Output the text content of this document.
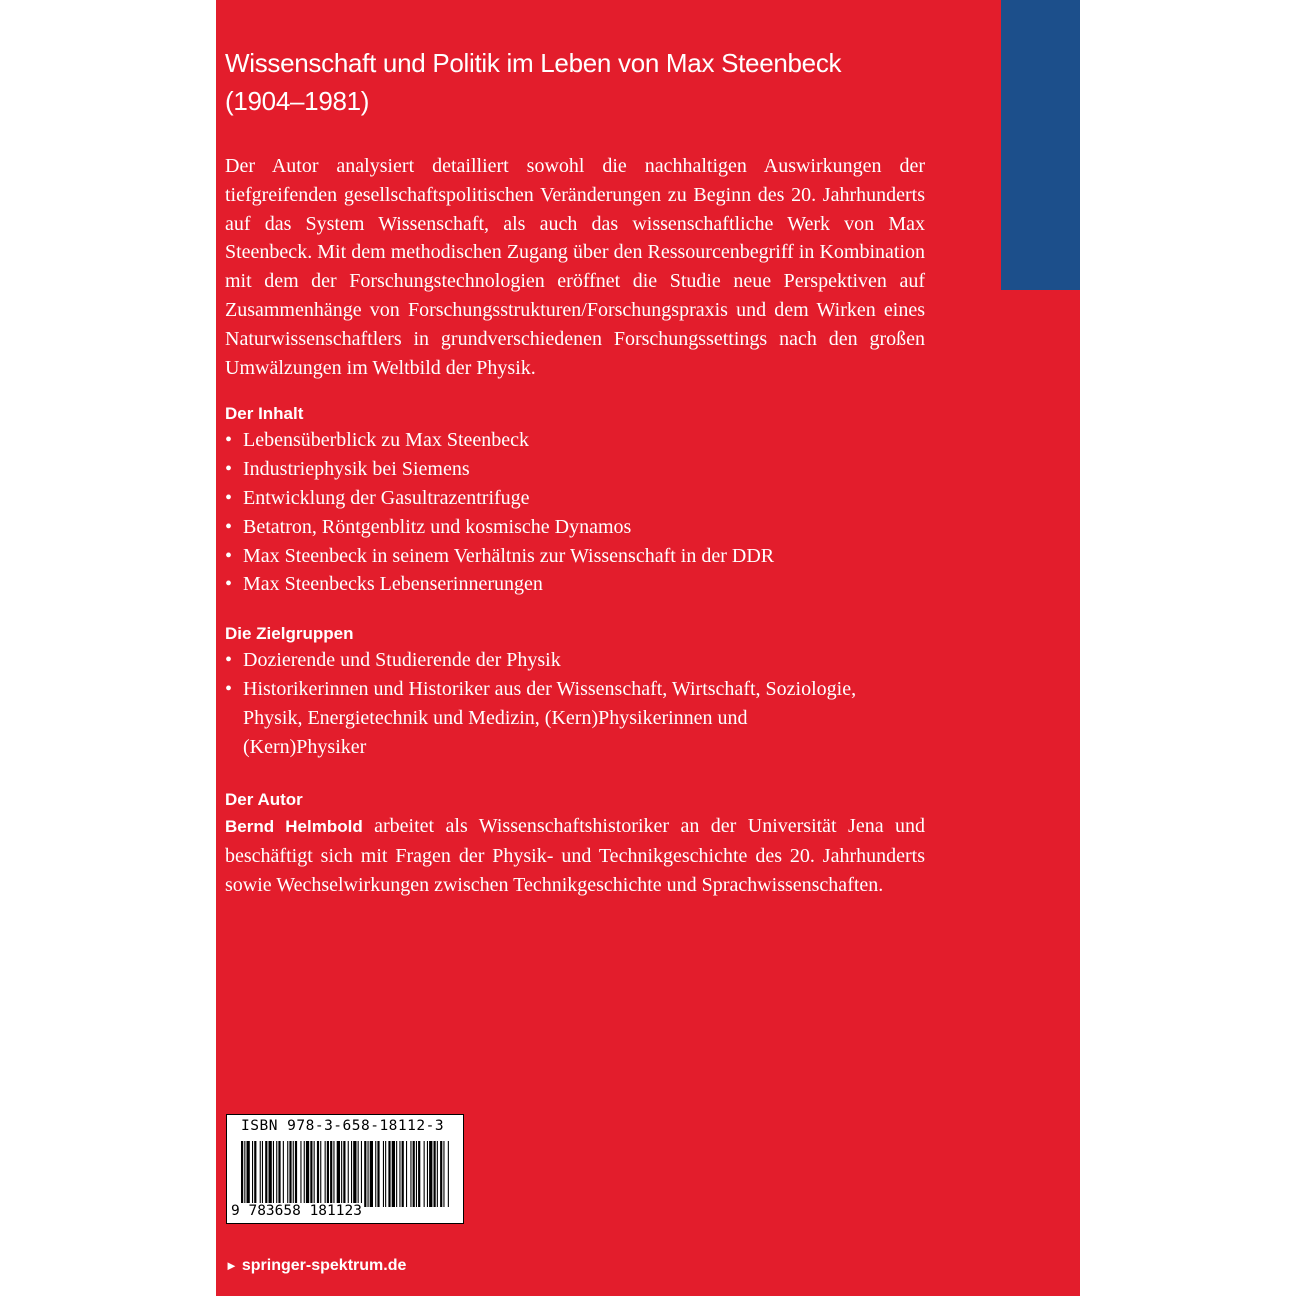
Wissenschaft und Politik im Leben von Max Steenbeck
(1904–1981)

Der Autor analysiert detailliert sowohl die nachhaltigen Auswirkungen der tiefgreifenden gesellschaftspolitischen Veränderungen zu Beginn des 20. Jahrhunderts auf das System Wissenschaft, als auch das wissenschaftliche Werk von Max Steenbeck. Mit dem methodischen Zugang über den Ressourcenbegriff in Kombination mit dem der Forschungstechnologien eröffnet die Studie neue Perspektiven auf Zusammenhänge von Forschungsstrukturen/Forschungspraxis und dem Wirken eines Naturwissenschaftlers in grundverschiedenen Forschungssettings nach den großen Umwälzungen im Weltbild der Physik.

Der Inhalt
• Lebensüberblick zu Max Steenbeck
• Industriephysik bei Siemens
• Entwicklung der Gasultrazentrifuge
• Betatron, Röntgenblitz und kosmische Dynamos
• Max Steenbeck in seinem Verhältnis zur Wissenschaft in der DDR
• Max Steenbecks Lebenserinnerungen
Die Zielgruppen
• Dozierende und Studierende der Physik
• Historikerinnen und Historiker aus der Wissenschaft, Wirtschaft, Soziologie, Physik, Energietechnik und Medizin, (Kern)Physikerinnen und (Kern)Physiker
Der Autor

Bernd Helmbold arbeitet als Wissenschaftshistoriker an der Universität Jena und beschäftigt sich mit Fragen der Physik- und Technikgeschichte des 20. Jahrhunderts sowie Wechselwirkungen zwischen Technikgeschichte und Sprachwissenschaften.

ISBN 978-3-658-18112-3
9 783658 181123
► springer-spektrum.de
